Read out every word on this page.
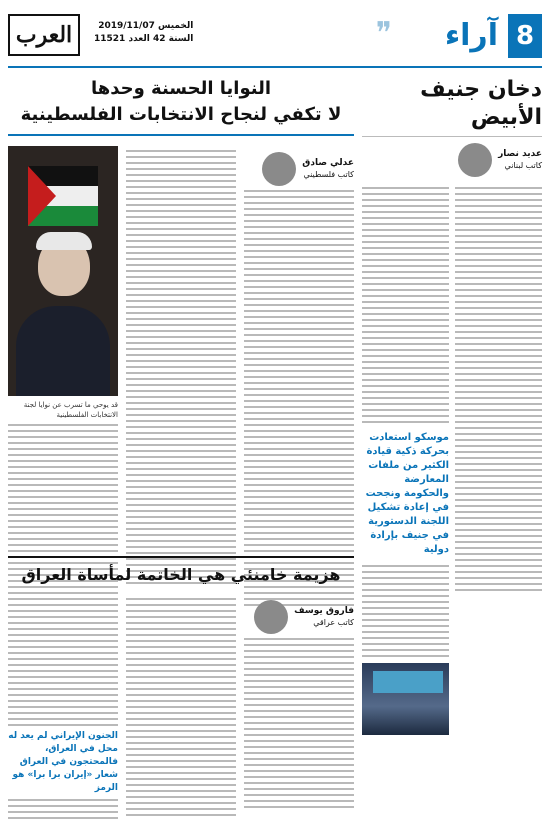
8
آراء
❞
العرب	الخميس 2019/11/07
السنة 42 العدد 11521
دخان جنيف الأبيض
عديد نصار
كاتب لبناني
موسكو استعادت بحركة ذكية قيادة الكثير من ملفات المعارضة والحكومة ونجحت في إعادة تشكيل اللجنة الدستورية في جنيف بإرادة دولية
النوايا الحسنة وحدها
لا تكفي لنجاح الانتخابات الفلسطينية
عدلي صادق
كاتب فلسطيني
قد يوحي ما تسرب عن نوايا لجنة الانتخابات الفلسطينية
هزيمة خامنئي هي الخاتمة لمأساة العراق
فاروق يوسف
كاتب عراقي
الجنون الإيراني لم يعد له محل في العراق، فالمحتجون في العراق شعار «إيران برا برا» هو الرمز
